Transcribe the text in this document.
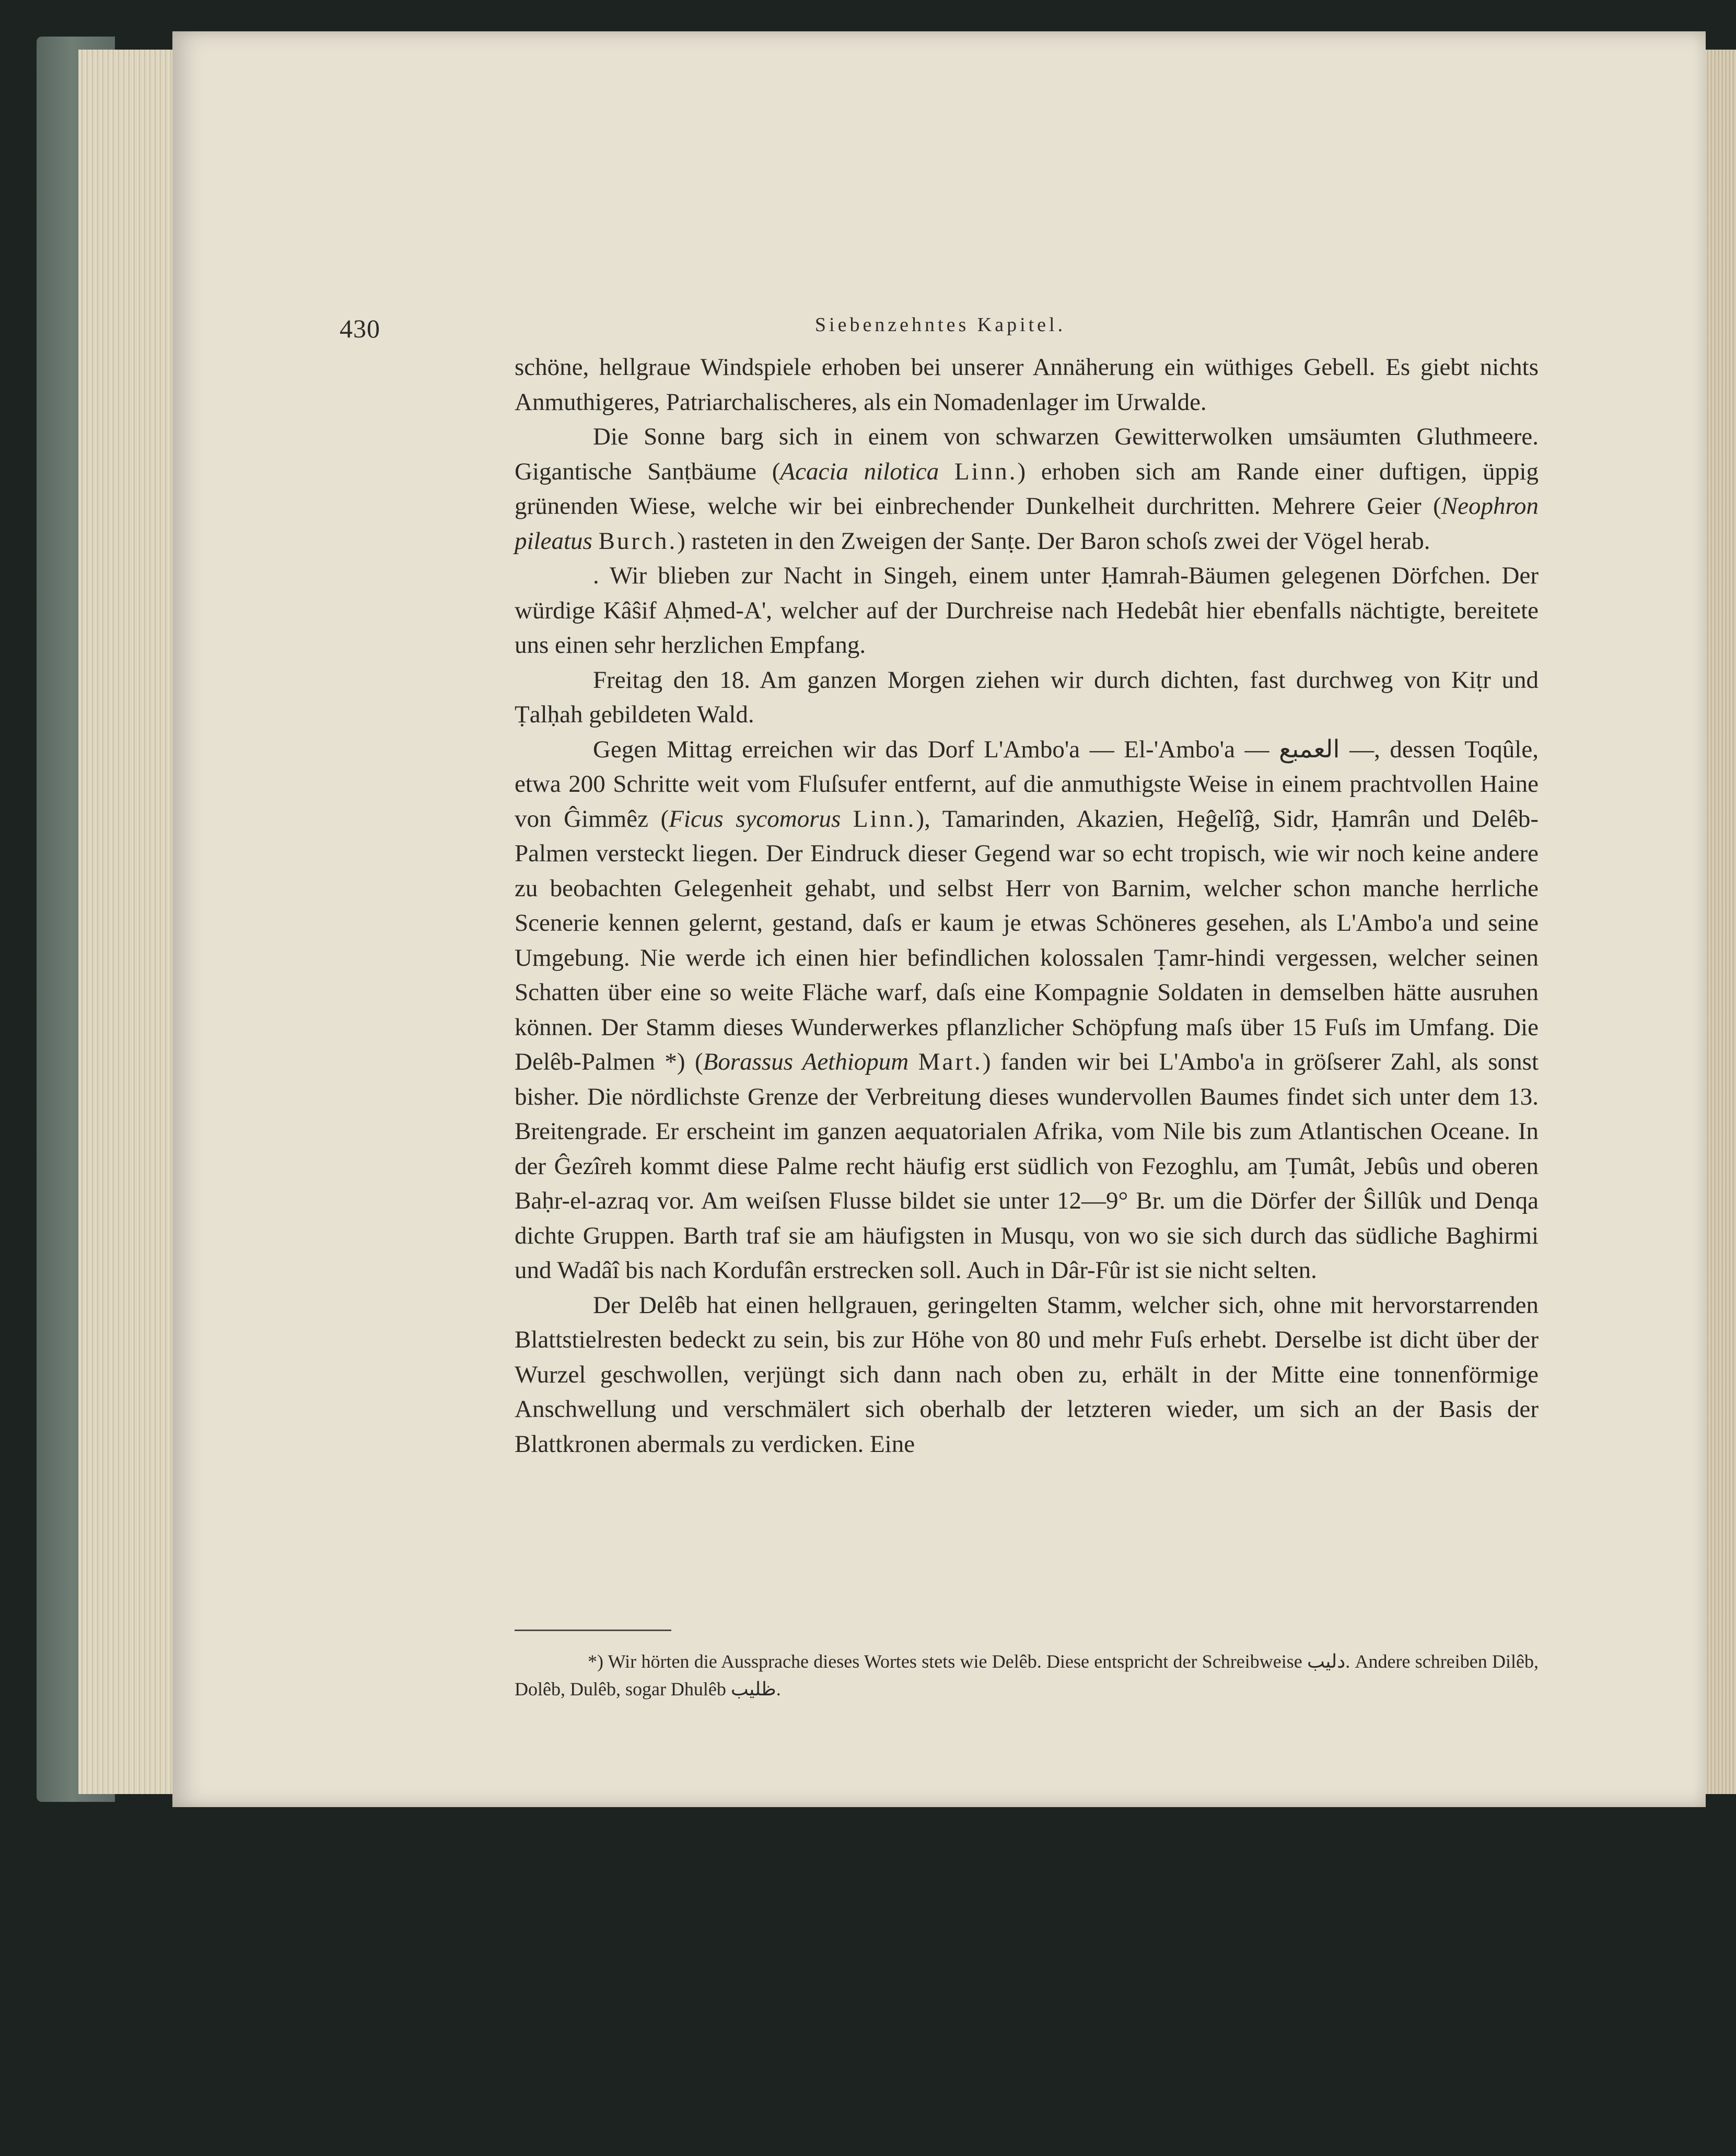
430	Siebenzehntes Kapitel.

schöne, hellgraue Windspiele erhoben bei unserer Annäherung ein wüthiges Gebell. Es giebt nichts Anmuthigeres, Patriarchalischeres, als ein Nomadenlager im Urwalde.

Die Sonne barg sich in einem von schwarzen Gewitterwolken umsäumten Gluthmeere. Gigantische Sanṭbäume (Acacia nilotica Linn.) erhoben sich am Rande einer duftigen, üppig grünenden Wiese, welche wir bei einbrechender Dunkelheit durchritten. Mehrere Geier (Neophron pileatus Burch.) rasteten in den Zweigen der Sanṭe. Der Baron schoſs zwei der Vögel herab.

. Wir blieben zur Nacht in Singeh, einem unter Ḥamrah-Bäumen gelegenen Dörfchen. Der würdige Kâŝif Aḥmed-A', welcher auf der Durchreise nach Hedebât hier ebenfalls nächtigte, bereitete uns einen sehr herzlichen Empfang.

Freitag den 18. Am ganzen Morgen ziehen wir durch dichten, fast durchweg von Kiṭr und Ṭalḥah gebildeten Wald.

Gegen Mittag erreichen wir das Dorf L'Ambo'a — El-'Ambo'a — العمبع —, dessen Toqûle, etwa 200 Schritte weit vom Fluſsufer entfernt, auf die anmuthigste Weise in einem prachtvollen Haine von Ĝimmêz (Ficus sycomorus Linn.), Tamarinden, Akazien, Heĝelîĝ, Sidr, Ḥamrân und Delêb-Palmen versteckt liegen. Der Eindruck dieser Gegend war so echt tropisch, wie wir noch keine andere zu beobachten Gelegenheit gehabt, und selbst Herr von Barnim, welcher schon manche herrliche Scenerie kennen gelernt, gestand, daſs er kaum je etwas Schöneres gesehen, als L'Ambo'a und seine Umgebung. Nie werde ich einen hier befindlichen kolossalen Ṭamr-hindi vergessen, welcher seinen Schatten über eine so weite Fläche warf, daſs eine Kompagnie Soldaten in demselben hätte ausruhen können. Der Stamm dieses Wunderwerkes pflanzlicher Schöpfung maſs über 15 Fuſs im Umfang. Die Delêb-Palmen *) (Borassus Aethiopum Mart.) fanden wir bei L'Ambo'a in gröſserer Zahl, als sonst bisher. Die nördlichste Grenze der Verbreitung dieses wundervollen Baumes findet sich unter dem 13. Breitengrade. Er erscheint im ganzen aequatorialen Afrika, vom Nile bis zum Atlantischen Oceane. In der Ĝezîreh kommt diese Palme recht häufig erst südlich von Fezoghlu, am Ṭumât, Jebûs und oberen Baḥr-el-azraq vor. Am weiſsen Flusse bildet sie unter 12—9° Br. um die Dörfer der Ŝillûk und Denqa dichte Gruppen. Barth traf sie am häufigsten in Musqu, von wo sie sich durch das südliche Baghirmi und Wadâî bis nach Kordufân erstrecken soll. Auch in Dâr-Fûr ist sie nicht selten.

Der Delêb hat einen hellgrauen, geringelten Stamm, welcher sich, ohne mit hervorstarrenden Blattstielresten bedeckt zu sein, bis zur Höhe von 80 und mehr Fuſs erhebt. Derselbe ist dicht über der Wurzel geschwollen, verjüngt sich dann nach oben zu, erhält in der Mitte eine tonnenförmige Anschwellung und verschmälert sich oberhalb der letzteren wieder, um sich an der Basis der Blattkronen abermals zu verdicken. Eine

*) Wir hörten die Aussprache dieses Wortes stets wie Delêb. Diese entspricht der Schreibweise دليب. Andere schreiben Dilêb, Dolêb, Dulêb, sogar Dhulêb ظليب.
